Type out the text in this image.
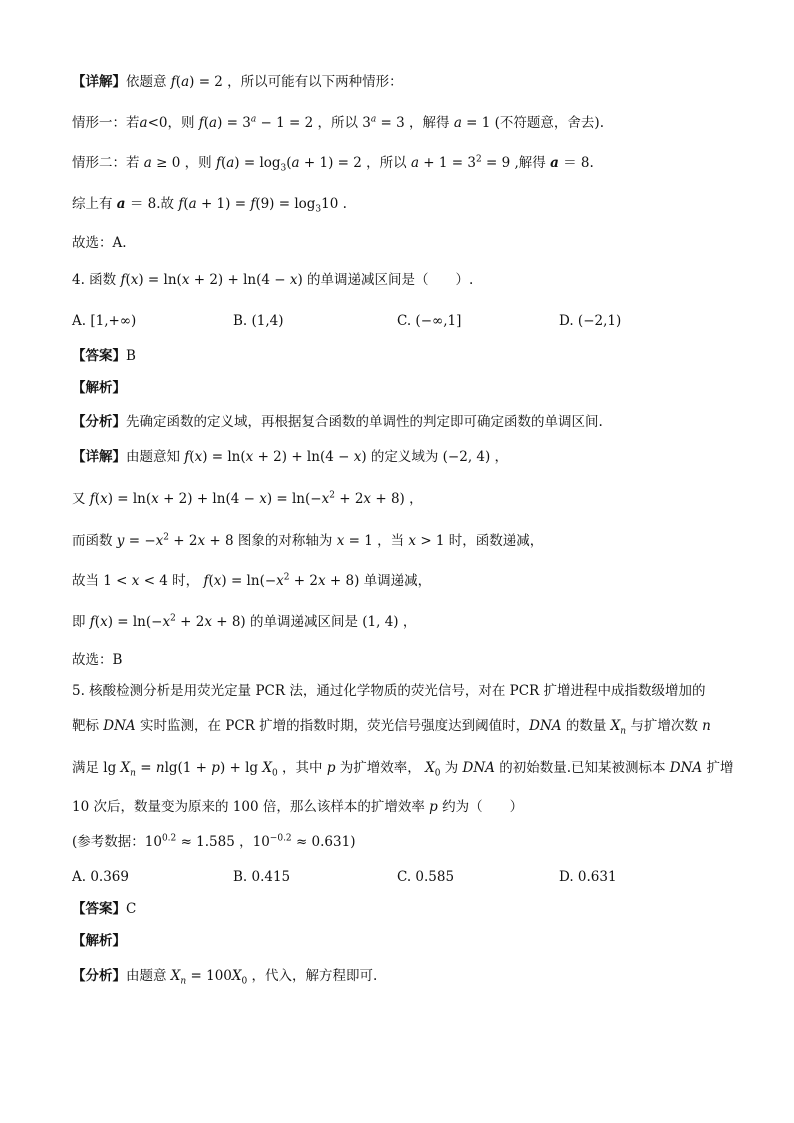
【详解】依题意 f(a) = 2 ，所以可能有以下两种情形：
情形一：若a<0，则 $f(a) = 3^a - 1 = 2$ ，所以 $3^a = 3$ ，解得 a = 1 (不符题意，舍去).
情形二：若 a ≥ 0 ，则 $f(a) = \log_3(a + 1) = 2$ ，所以 $a + 1 = 3^2 = 9$ ,解得 a ＝ 8.
综上有 a ＝ 8.故 $f(a + 1) = f(9) = \log_310$ .
故选：A.
4. 函数 f(x) = ln(x + 2) + ln(4 − x) 的单调递减区间是（　　）.
A. [1,+∞)	B. (1,4)	C. (−∞,1]	D. (−2,1)
【答案】B
【解析】
【分析】先确定函数的定义域，再根据复合函数的单调性的判定即可确定函数的单调区间.
【详解】由题意知 f(x) = ln(x + 2) + ln(4 − x) 的定义域为 (−2, 4) ，
又 $f(x) = \ln(x + 2) + \ln(4 - x) = \ln(-x^2 + 2x + 8)$ ，
而函数 $y = -x^2 + 2x + 8$ 图象的对称轴为 x = 1 ，当 x > 1 时，函数递减，
故当 1 < x < 4 时， $f(x) = \ln(-x^2 + 2x + 8)$ 单调递减，
即 $f(x) = \ln(-x^2 + 2x + 8)$ 的单调递减区间是 (1, 4) ，
故选：B
5. 核酸检测分析是用荧光定量 PCR 法，通过化学物质的荧光信号，对在 PCR 扩增进程中成指数级增加的
靶标 DNA 实时监测，在 PCR 扩增的指数时期，荧光信号强度达到阈值时，DNA 的数量 $X_n$ 与扩增次数 n
满足 $\lg X_n = nlg(1 + p) + \lg X_0$ ，其中 p 为扩增效率， $X_0$ 为 DNA 的初始数量.已知某被测标本 DNA 扩增
10 次后，数量变为原来的 100 倍，那么该样本的扩增效率 p 约为（　　）
(参考数据：$10^{0.2} \approx 1.585$ ，$10^{-0.2} \approx 0.631$)
A. 0.369	B. 0.415	C. 0.585	D. 0.631
【答案】C
【解析】
【分析】由题意 $X_n = 100X_0$ ，代入，解方程即可.
